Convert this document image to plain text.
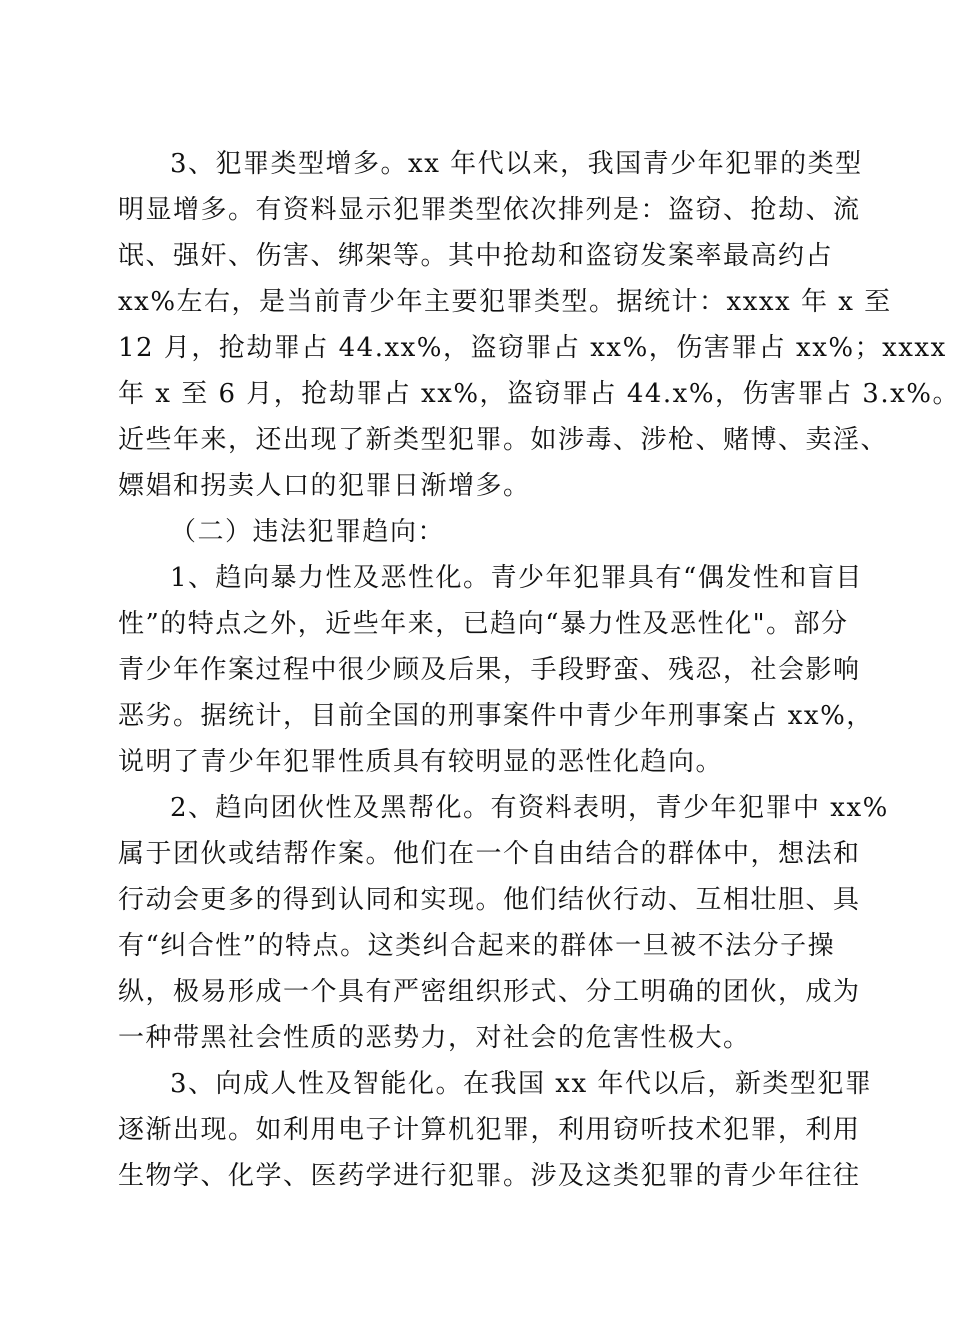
3、犯罪类型增多。xx 年代以来，我国青少年犯罪的类型
明显增多。有资料显示犯罪类型依次排列是：盗窃、抢劫、流
氓、强奸、伤害、绑架等。其中抢劫和盗窃发案率最高约占
xx%左右，是当前青少年主要犯罪类型。据统计：xxxx 年 x 至
12 月，抢劫罪占 44.xx%，盗窃罪占 xx%，伤害罪占 xx%；xxxx
年 x 至 6 月，抢劫罪占 xx%，盗窃罪占 44.x%，伤害罪占 3.x%。
近些年来，还出现了新类型犯罪。如涉毒、涉枪、赌博、卖淫、
嫖娼和拐卖人口的犯罪日渐增多。
（二）违法犯罪趋向：
1、趋向暴力性及恶性化。青少年犯罪具有“偶发性和盲目
性”的特点之外，近些年来，已趋向“暴力性及恶性化"。部分
青少年作案过程中很少顾及后果，手段野蛮、残忍，社会影响
恶劣。据统计，目前全国的刑事案件中青少年刑事案占 xx%，
说明了青少年犯罪性质具有较明显的恶性化趋向。
2、趋向团伙性及黑帮化。有资料表明，青少年犯罪中 xx%
属于团伙或结帮作案。他们在一个自由结合的群体中，想法和
行动会更多的得到认同和实现。他们结伙行动、互相壮胆、具
有“纠合性”的特点。这类纠合起来的群体一旦被不法分子操
纵，极易形成一个具有严密组织形式、分工明确的团伙，成为
一种带黑社会性质的恶势力，对社会的危害性极大。
3、向成人性及智能化。在我国 xx 年代以后，新类型犯罪
逐渐出现。如利用电子计算机犯罪，利用窃听技术犯罪，利用
生物学、化学、医药学进行犯罪。涉及这类犯罪的青少年往往
